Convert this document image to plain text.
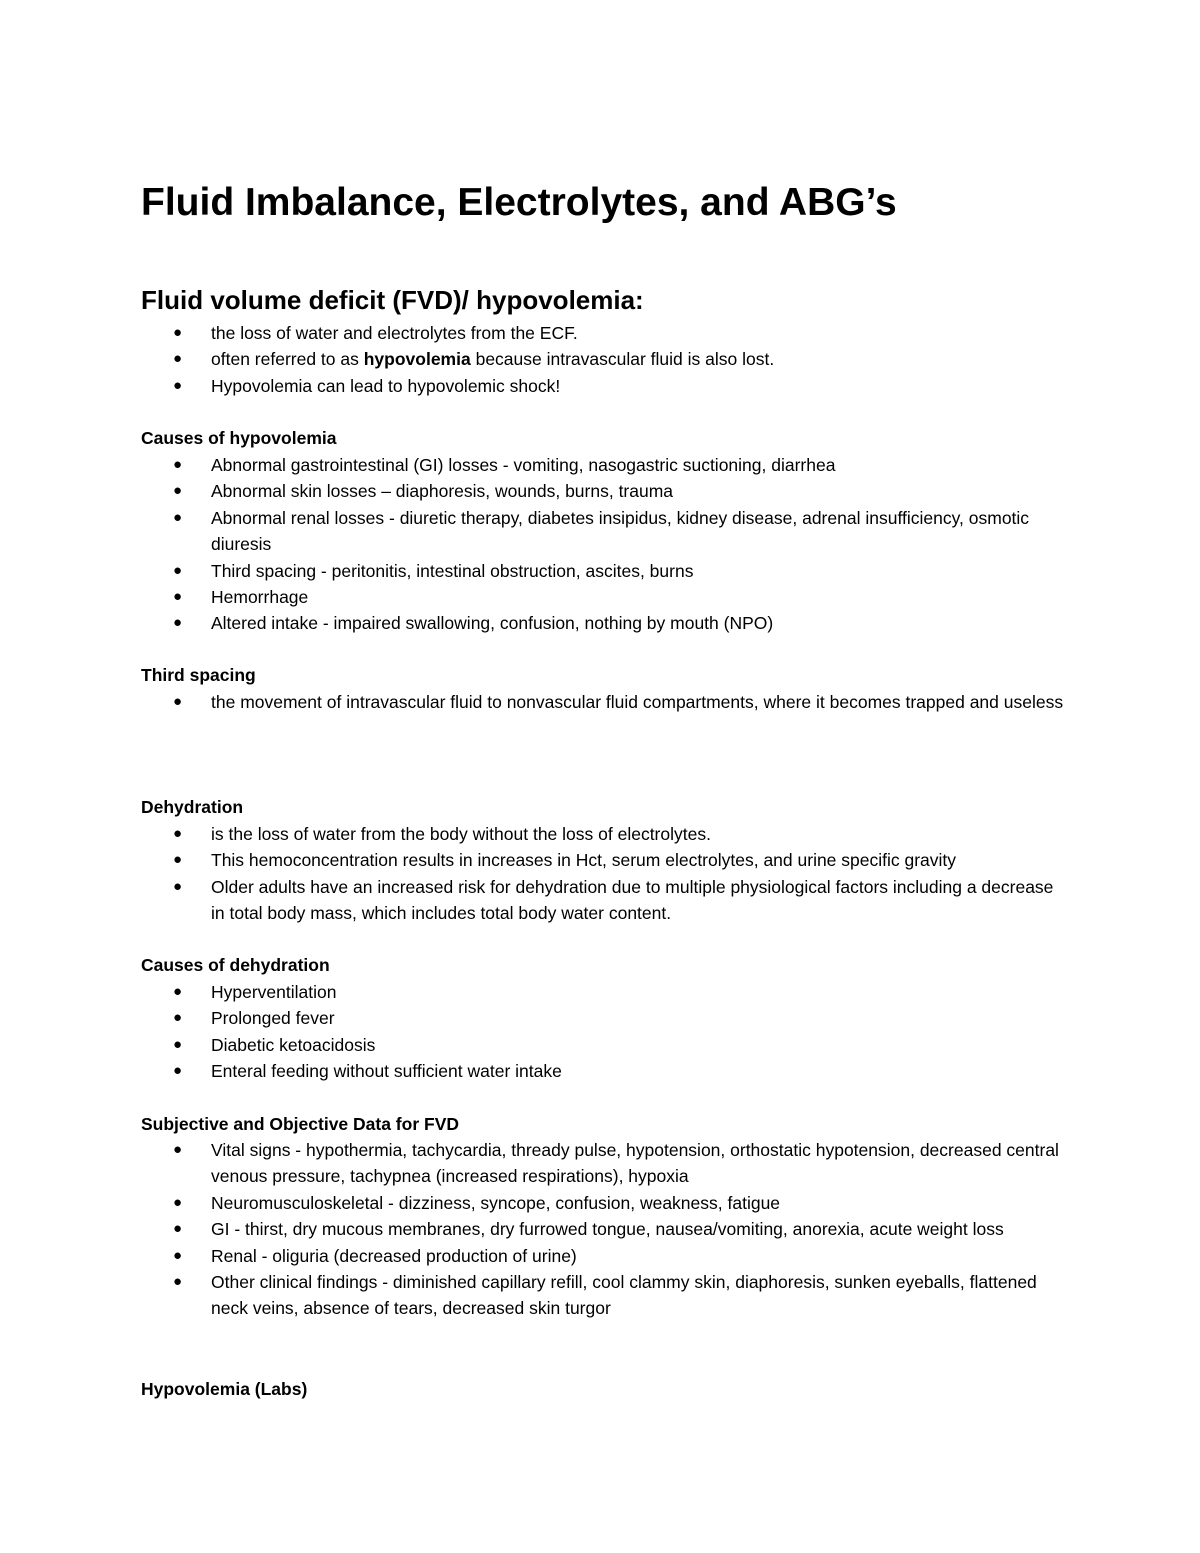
Fluid Imbalance, Electrolytes, and ABG’s
Fluid volume deficit (FVD)/ hypovolemia:
● the loss of water and electrolytes from the ECF.
● often referred to as hypovolemia because intravascular fluid is also lost.
● Hypovolemia can lead to hypovolemic shock!
Causes of hypovolemia
● Abnormal gastrointestinal (GI) losses - vomiting, nasogastric suctioning, diarrhea
● Abnormal skin losses – diaphoresis, wounds, burns, trauma
● Abnormal renal losses - diuretic therapy, diabetes insipidus, kidney disease, adrenal insufficiency, osmotic diuresis
● Third spacing - peritonitis, intestinal obstruction, ascites, burns
● Hemorrhage
● Altered intake - impaired swallowing, confusion, nothing by mouth (NPO)
Third spacing
● the movement of intravascular fluid to nonvascular fluid compartments, where it becomes trapped and useless
Dehydration
● is the loss of water from the body without the loss of electrolytes.
● This hemoconcentration results in increases in Hct, serum electrolytes, and urine specific gravity
● Older adults have an increased risk for dehydration due to multiple physiological factors including a decrease in total body mass, which includes total body water content.
Causes of dehydration
● Hyperventilation
● Prolonged fever
● Diabetic ketoacidosis
● Enteral feeding without sufficient water intake
Subjective and Objective Data for FVD
● Vital signs - hypothermia, tachycardia, thready pulse, hypotension, orthostatic hypotension, decreased central venous pressure, tachypnea (increased respirations), hypoxia
● Neuromusculoskeletal - dizziness, syncope, confusion, weakness, fatigue
● GI - thirst, dry mucous membranes, dry furrowed tongue, nausea/vomiting, anorexia, acute weight loss
● Renal - oliguria (decreased production of urine)
● Other clinical findings - diminished capillary refill, cool clammy skin, diaphoresis, sunken eyeballs, flattened neck veins, absence of tears, decreased skin turgor
Hypovolemia (Labs)
